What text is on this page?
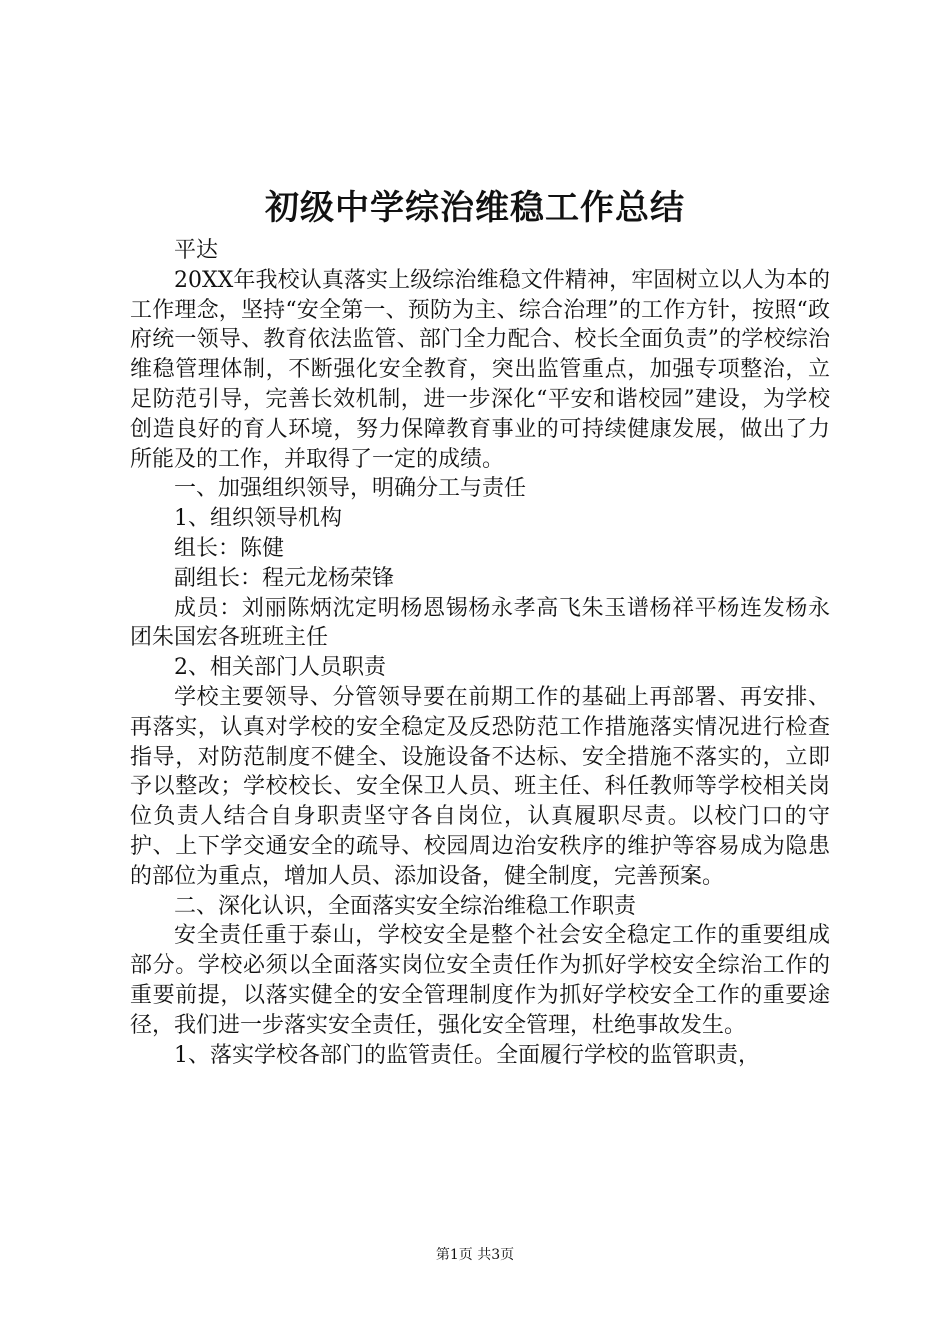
初级中学综治维稳工作总结

平达

20XX年我校认真落实上级综治维稳文件精神，牢固树立以人为本的工作理念，坚持“安全第一、预防为主、综合治理”的工作方针，按照“政府统一领导、教育依法监管、部门全力配合、校长全面负责”的学校综治维稳管理体制，不断强化安全教育，突出监管重点，加强专项整治，立足防范引导，完善长效机制，进一步深化“平安和谐校园”建设，为学校创造良好的育人环境，努力保障教育事业的可持续健康发展，做出了力所能及的工作，并取得了一定的成绩。

一、加强组织领导，明确分工与责任

1、组织领导机构

组长：陈健

副组长：程元龙杨荣锋

成员：刘丽陈炳沈定明杨恩锡杨永孝高飞朱玉谱杨祥平杨连发杨永团朱国宏各班班主任

2、相关部门人员职责

学校主要领导、分管领导要在前期工作的基础上再部署、再安排、再落实，认真对学校的安全稳定及反恐防范工作措施落实情况进行检查指导，对防范制度不健全、设施设备不达标、安全措施不落实的，立即予以整改；学校校长、安全保卫人员、班主任、科任教师等学校相关岗位负责人结合自身职责坚守各自岗位，认真履职尽责。以校门口的守护、上下学交通安全的疏导、校园周边治安秩序的维护等容易成为隐患的部位为重点，增加人员、添加设备，健全制度，完善预案。

二、深化认识，全面落实安全综治维稳工作职责

安全责任重于泰山，学校安全是整个社会安全稳定工作的重要组成部分。学校必须以全面落实岗位安全责任作为抓好学校安全综治工作的重要前提，以落实健全的安全管理制度作为抓好学校安全工作的重要途径，我们进一步落实安全责任，强化安全管理，杜绝事故发生。

1、落实学校各部门的监管责任。全面履行学校的监管职责，

第1页 共3页
